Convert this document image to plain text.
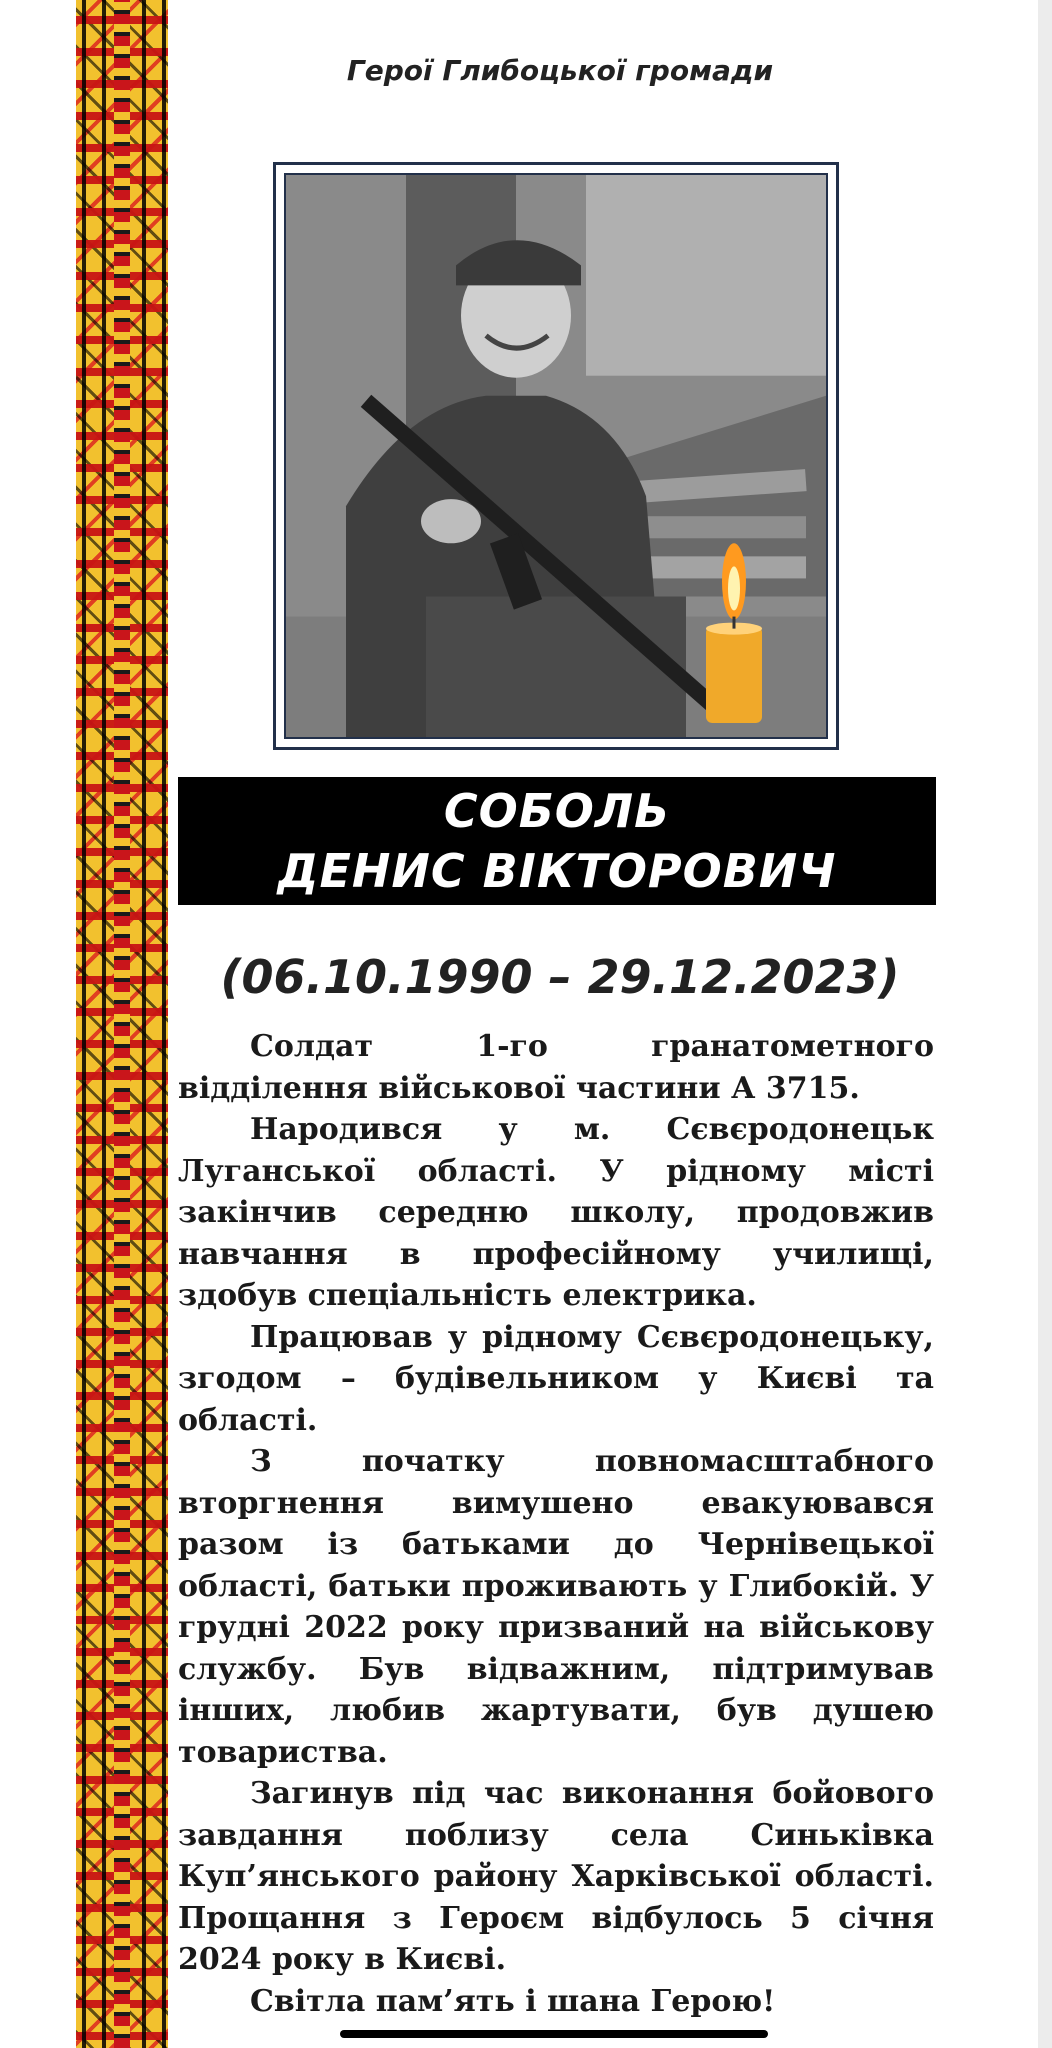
Герої Глибоцької громади
СОБОЛЬ
ДЕНИС ВІКТОРОВИЧ
(06.10.1990 – 29.12.2023)

Солдат 1-го гранатометного відділення військової частини А 3715.

Народився у м. Сєвєродонецьк Луганської області. У рідному місті закінчив середню школу, продовжив навчання в професійному училищі, здобув спеціальність електрика.

Працював у рідному Сєвєродонецьку, згодом – будівельником у Києві та області.

З початку повномасштабного вторгнення вимушено евакуювався разом із батьками до Чернівецької області, батьки проживають у Глибокій. У грудні 2022 року призваний на військову службу. Був відважним, підтримував інших, любив жартувати, був душею товариства.

Загинув під час виконання бойового завдання поблизу села Синьківка Куп’янського району Харківської області. Прощання з Героєм відбулось 5 січня 2024 року в Києві.

Світла пам’ять і шана Герою!
